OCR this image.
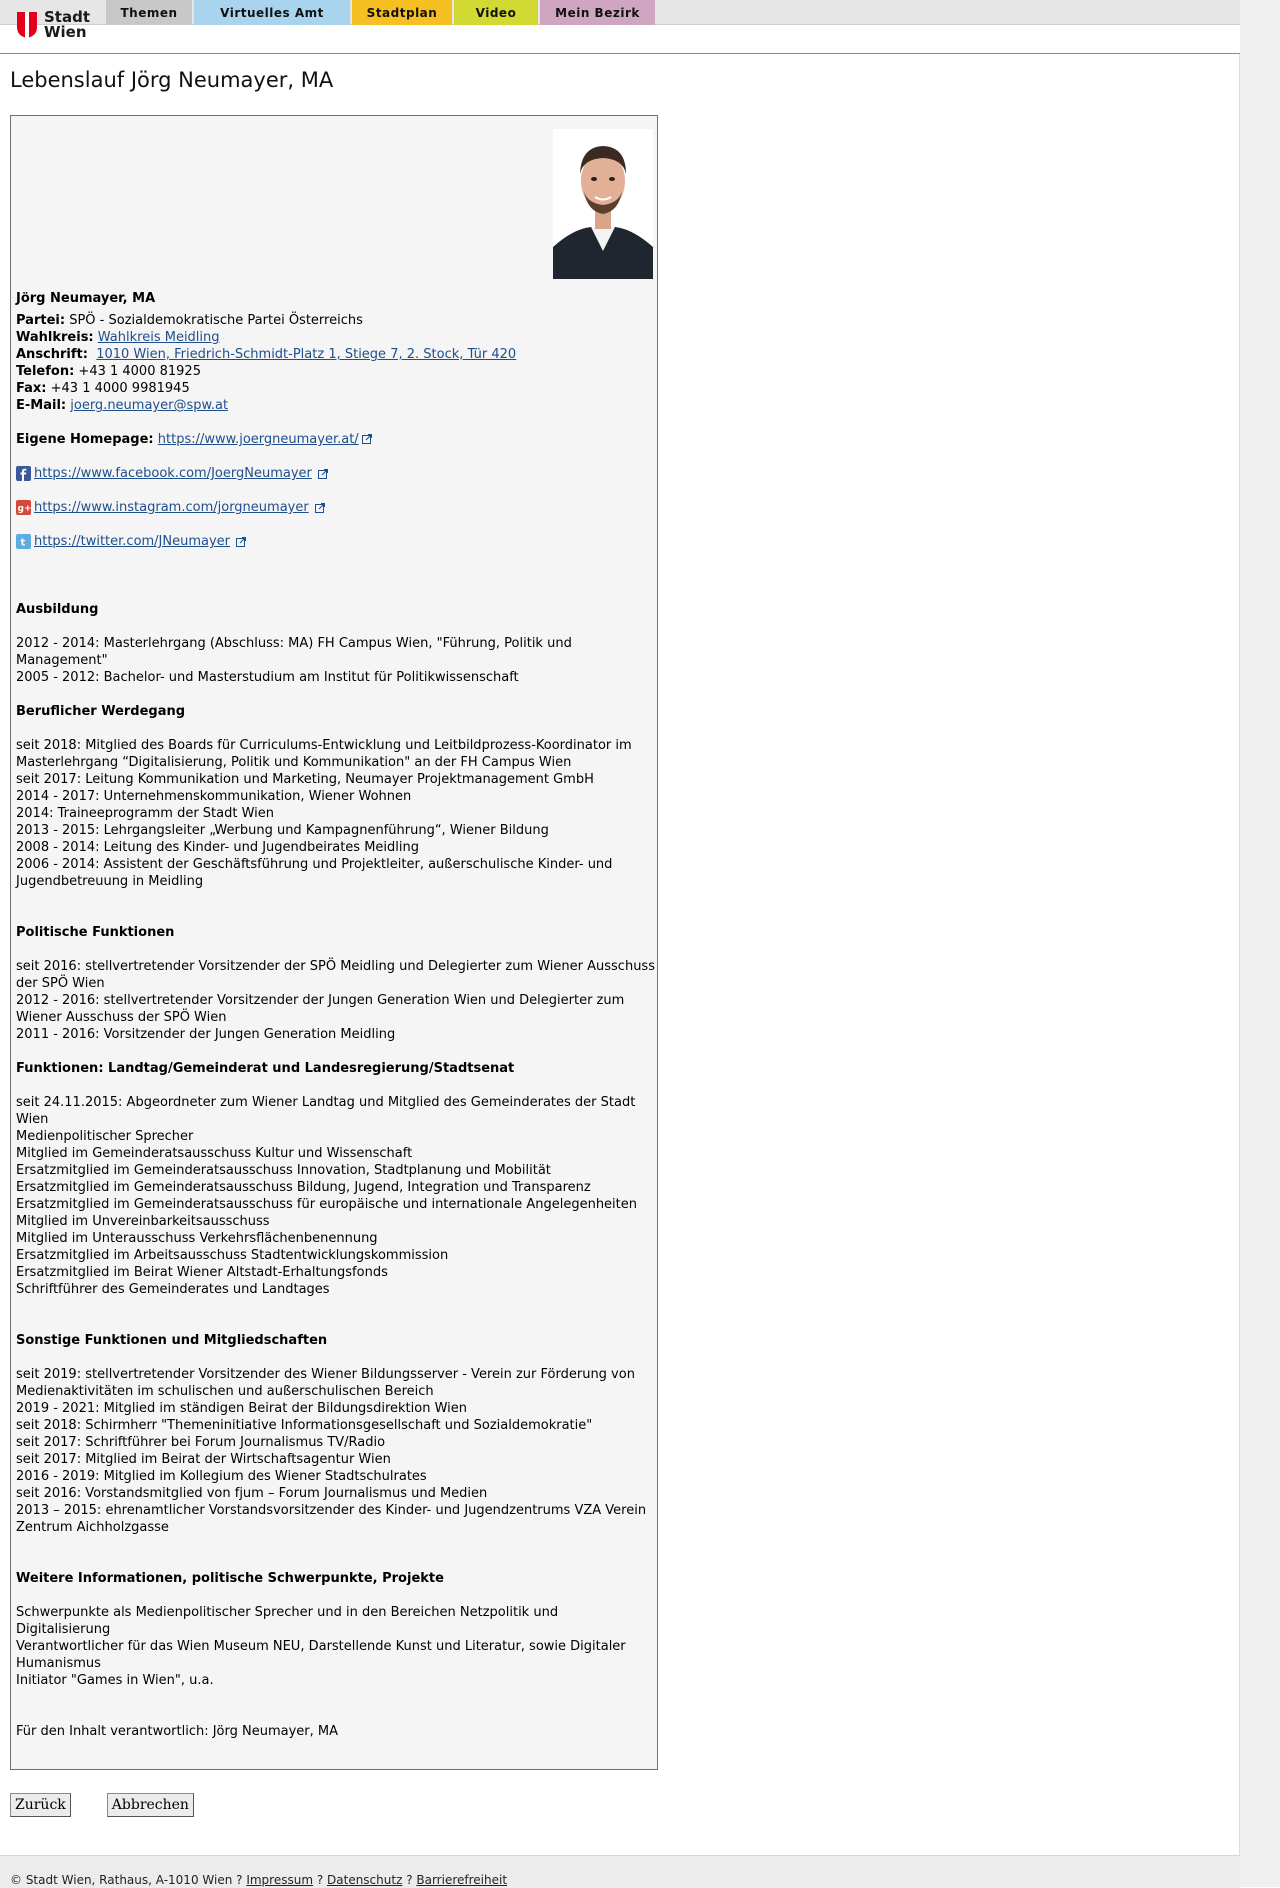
Stadt
Wien
Themen	Virtuelles Amt	Stadtplan	Video	Mein Bezirk
Lebenslauf Jörg Neumayer, MA

Jörg Neumayer, MA

Partei: SPÖ - Sozialdemokratische Partei Österreichs

Wahlkreis: Wahlkreis Meidling

Anschrift: 1010 Wien, Friedrich-Schmidt-Platz 1, Stiege 7, 2. Stock, Tür 420

Telefon: +43 1 4000 81925

Fax: +43 1 4000 9981945

E-Mail: joerg.neumayer@spw.at

Eigene Homepage: https://www.joergneumayer.at/

https://www.facebook.com/JoergNeumayer

g+ https://www.instagram.com/jorgneumayer

t https://twitter.com/JNeumayer

Ausbildung

2012 - 2014: Masterlehrgang (Abschluss: MA) FH Campus Wien, "Führung, Politik und Management"

2005 - 2012: Bachelor- und Masterstudium am Institut für Politikwissenschaft

Beruflicher Werdegang

seit 2018: Mitglied des Boards für Curriculums-Entwicklung und Leitbildprozess-Koordinator im Masterlehrgang “Digitalisierung, Politik und Kommunikation" an der FH Campus Wien

seit 2017: Leitung Kommunikation und Marketing, Neumayer Projektmanagement GmbH

2014 - 2017: Unternehmenskommunikation, Wiener Wohnen

2014: Traineeprogramm der Stadt Wien

2013 - 2015: Lehrgangsleiter „Werbung und Kampagnenführung“, Wiener Bildung

2008 - 2014: Leitung des Kinder- und Jugendbeirates Meidling

2006 - 2014: Assistent der Geschäftsführung und Projektleiter, außerschulische Kinder- und Jugendbetreuung in Meidling

Politische Funktionen

seit 2016: stellvertretender Vorsitzender der SPÖ Meidling und Delegierter zum Wiener Ausschuss der SPÖ Wien

2012 - 2016: stellvertretender Vorsitzender der Jungen Generation Wien und Delegierter zum Wiener Ausschuss der SPÖ Wien

2011 - 2016: Vorsitzender der Jungen Generation Meidling

Funktionen: Landtag/Gemeinderat und Landesregierung/Stadtsenat

seit 24.11.2015: Abgeordneter zum Wiener Landtag und Mitglied des Gemeinderates der Stadt Wien

Medienpolitischer Sprecher

Mitglied im Gemeinderatsausschuss Kultur und Wissenschaft

Ersatzmitglied im Gemeinderatsausschuss Innovation, Stadtplanung und Mobilität

Ersatzmitglied im Gemeinderatsausschuss Bildung, Jugend, Integration und Transparenz

Ersatzmitglied im Gemeinderatsausschuss für europäische und internationale Angelegenheiten

Mitglied im Unvereinbarkeitsausschuss

Mitglied im Unterausschuss Verkehrsflächenbenennung

Ersatzmitglied im Arbeitsausschuss Stadtentwicklungskommission

Ersatzmitglied im Beirat Wiener Altstadt-Erhaltungsfonds

Schriftführer des Gemeinderates und Landtages

Sonstige Funktionen und Mitgliedschaften

seit 2019: stellvertretender Vorsitzender des Wiener Bildungsserver - Verein zur Förderung von Medienaktivitäten im schulischen und außerschulischen Bereich

2019 - 2021: Mitglied im ständigen Beirat der Bildungsdirektion Wien

seit 2018: Schirmherr "Themeninitiative Informationsgesellschaft und Sozialdemokratie"

seit 2017: Schriftführer bei Forum Journalismus TV/Radio

seit 2017: Mitglied im Beirat der Wirtschaftsagentur Wien

2016 - 2019: Mitglied im Kollegium des Wiener Stadtschulrates

seit 2016: Vorstandsmitglied von fjum – Forum Journalismus und Medien

2013 – 2015: ehrenamtlicher Vorstandsvorsitzender des Kinder- und Jugendzentrums VZA Verein Zentrum Aichholzgasse

Weitere Informationen, politische Schwerpunkte, Projekte

Schwerpunkte als Medienpolitischer Sprecher und in den Bereichen Netzpolitik und Digitalisierung

Verantwortlicher für das Wien Museum NEU, Darstellende Kunst und Literatur, sowie Digitaler Humanismus

Initiator "Games in Wien", u.a.

Für den Inhalt verantwortlich: Jörg Neumayer, MA

Zurück	Abbrechen
© Stadt Wien, Rathaus, A-1010 Wien ? Impressum ? Datenschutz ? Barrierefreiheit
